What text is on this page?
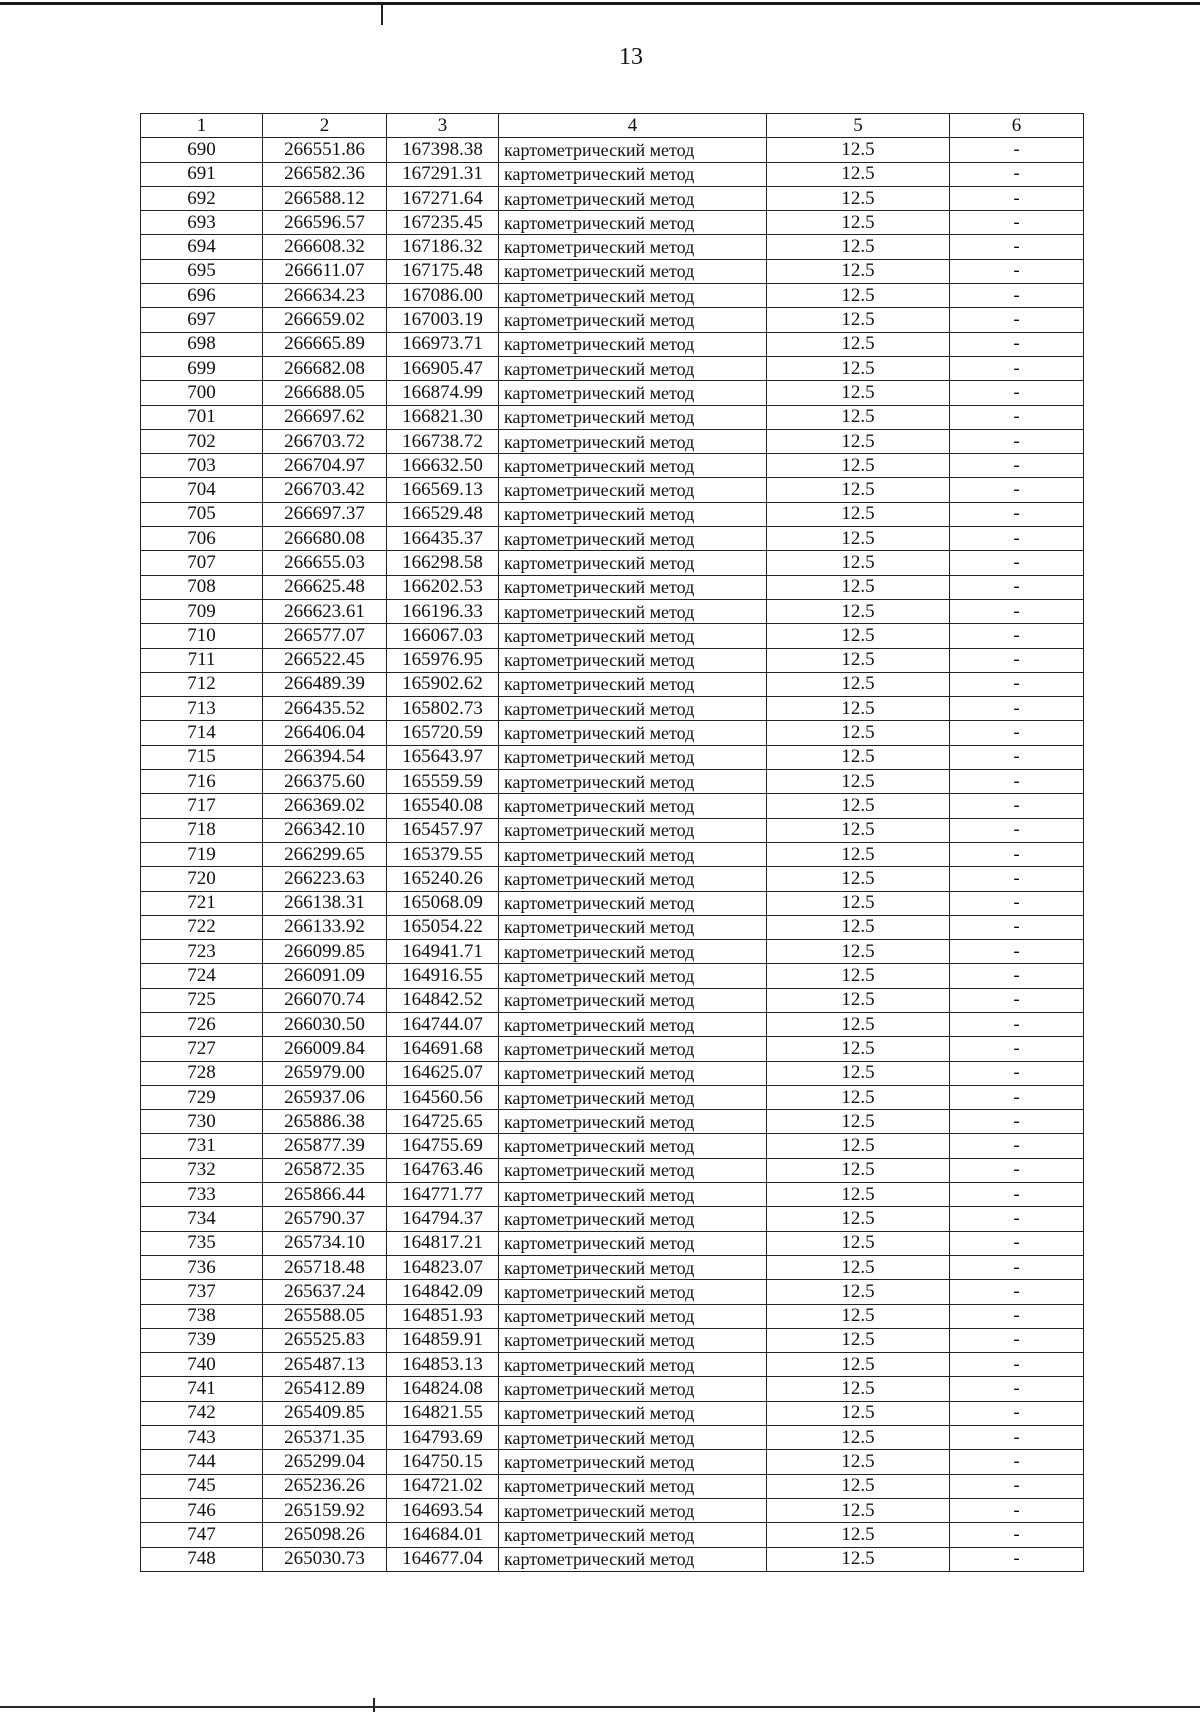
13
1	2	3	4	5	6
690	266551.86	167398.38	картометрический метод	12.5	-
691	266582.36	167291.31	картометрический метод	12.5	-
692	266588.12	167271.64	картометрический метод	12.5	-
693	266596.57	167235.45	картометрический метод	12.5	-
694	266608.32	167186.32	картометрический метод	12.5	-
695	266611.07	167175.48	картометрический метод	12.5	-
696	266634.23	167086.00	картометрический метод	12.5	-
697	266659.02	167003.19	картометрический метод	12.5	-
698	266665.89	166973.71	картометрический метод	12.5	-
699	266682.08	166905.47	картометрический метод	12.5	-
700	266688.05	166874.99	картометрический метод	12.5	-
701	266697.62	166821.30	картометрический метод	12.5	-
702	266703.72	166738.72	картометрический метод	12.5	-
703	266704.97	166632.50	картометрический метод	12.5	-
704	266703.42	166569.13	картометрический метод	12.5	-
705	266697.37	166529.48	картометрический метод	12.5	-
706	266680.08	166435.37	картометрический метод	12.5	-
707	266655.03	166298.58	картометрический метод	12.5	-
708	266625.48	166202.53	картометрический метод	12.5	-
709	266623.61	166196.33	картометрический метод	12.5	-
710	266577.07	166067.03	картометрический метод	12.5	-
711	266522.45	165976.95	картометрический метод	12.5	-
712	266489.39	165902.62	картометрический метод	12.5	-
713	266435.52	165802.73	картометрический метод	12.5	-
714	266406.04	165720.59	картометрический метод	12.5	-
715	266394.54	165643.97	картометрический метод	12.5	-
716	266375.60	165559.59	картометрический метод	12.5	-
717	266369.02	165540.08	картометрический метод	12.5	-
718	266342.10	165457.97	картометрический метод	12.5	-
719	266299.65	165379.55	картометрический метод	12.5	-
720	266223.63	165240.26	картометрический метод	12.5	-
721	266138.31	165068.09	картометрический метод	12.5	-
722	266133.92	165054.22	картометрический метод	12.5	-
723	266099.85	164941.71	картометрический метод	12.5	-
724	266091.09	164916.55	картометрический метод	12.5	-
725	266070.74	164842.52	картометрический метод	12.5	-
726	266030.50	164744.07	картометрический метод	12.5	-
727	266009.84	164691.68	картометрический метод	12.5	-
728	265979.00	164625.07	картометрический метод	12.5	-
729	265937.06	164560.56	картометрический метод	12.5	-
730	265886.38	164725.65	картометрический метод	12.5	-
731	265877.39	164755.69	картометрический метод	12.5	-
732	265872.35	164763.46	картометрический метод	12.5	-
733	265866.44	164771.77	картометрический метод	12.5	-
734	265790.37	164794.37	картометрический метод	12.5	-
735	265734.10	164817.21	картометрический метод	12.5	-
736	265718.48	164823.07	картометрический метод	12.5	-
737	265637.24	164842.09	картометрический метод	12.5	-
738	265588.05	164851.93	картометрический метод	12.5	-
739	265525.83	164859.91	картометрический метод	12.5	-
740	265487.13	164853.13	картометрический метод	12.5	-
741	265412.89	164824.08	картометрический метод	12.5	-
742	265409.85	164821.55	картометрический метод	12.5	-
743	265371.35	164793.69	картометрический метод	12.5	-
744	265299.04	164750.15	картометрический метод	12.5	-
745	265236.26	164721.02	картометрический метод	12.5	-
746	265159.92	164693.54	картометрический метод	12.5	-
747	265098.26	164684.01	картометрический метод	12.5	-
748	265030.73	164677.04	картометрический метод	12.5	-
